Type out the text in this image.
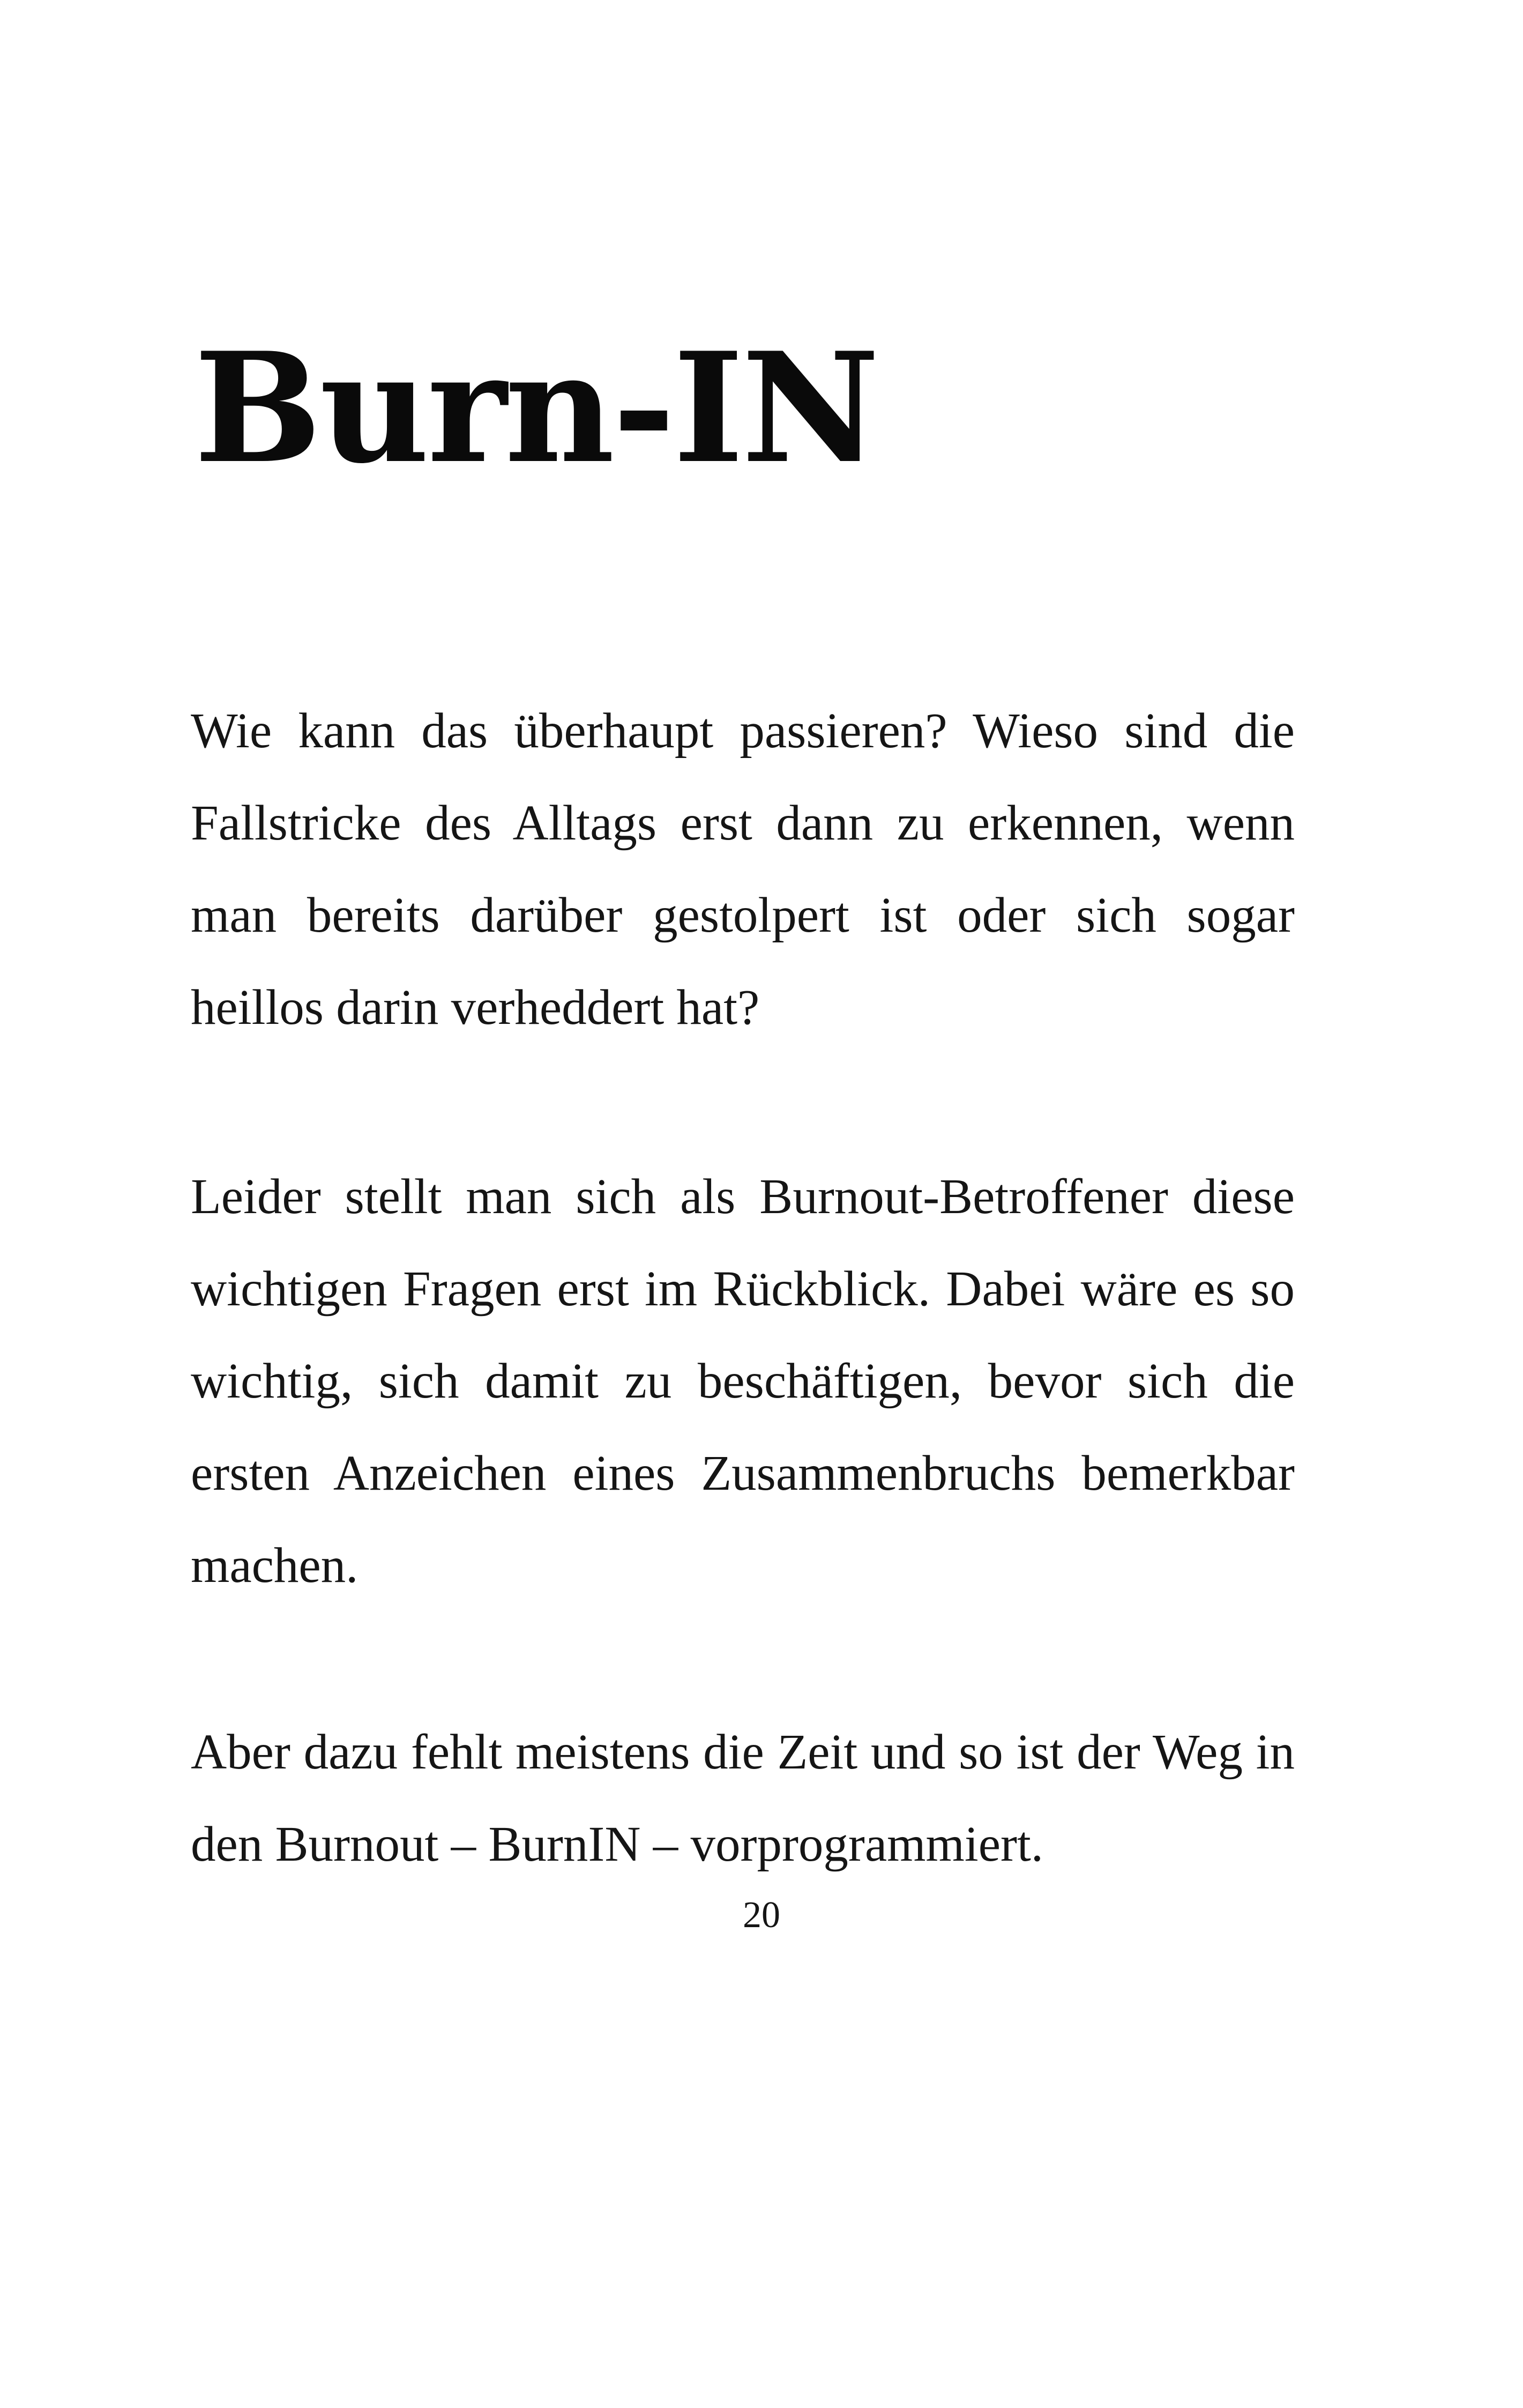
Burn-IN

Wie kann das überhaupt passieren? Wieso sind die Fallstricke des Alltags erst dann zu erkennen, wenn man bereits darüber gestolpert ist oder sich sogar heillos darin verheddert hat?

Leider stellt man sich als Burnout-Betroffener diese wichtigen Fragen erst im Rückblick. Dabei wäre es so wichtig, sich damit zu beschäftigen, bevor sich die ersten Anzeichen eines Zusammenbruchs bemerkbar machen.

Aber dazu fehlt meistens die Zeit und so ist der Weg in den Burnout – BurnIN – vorprogrammiert.

20
